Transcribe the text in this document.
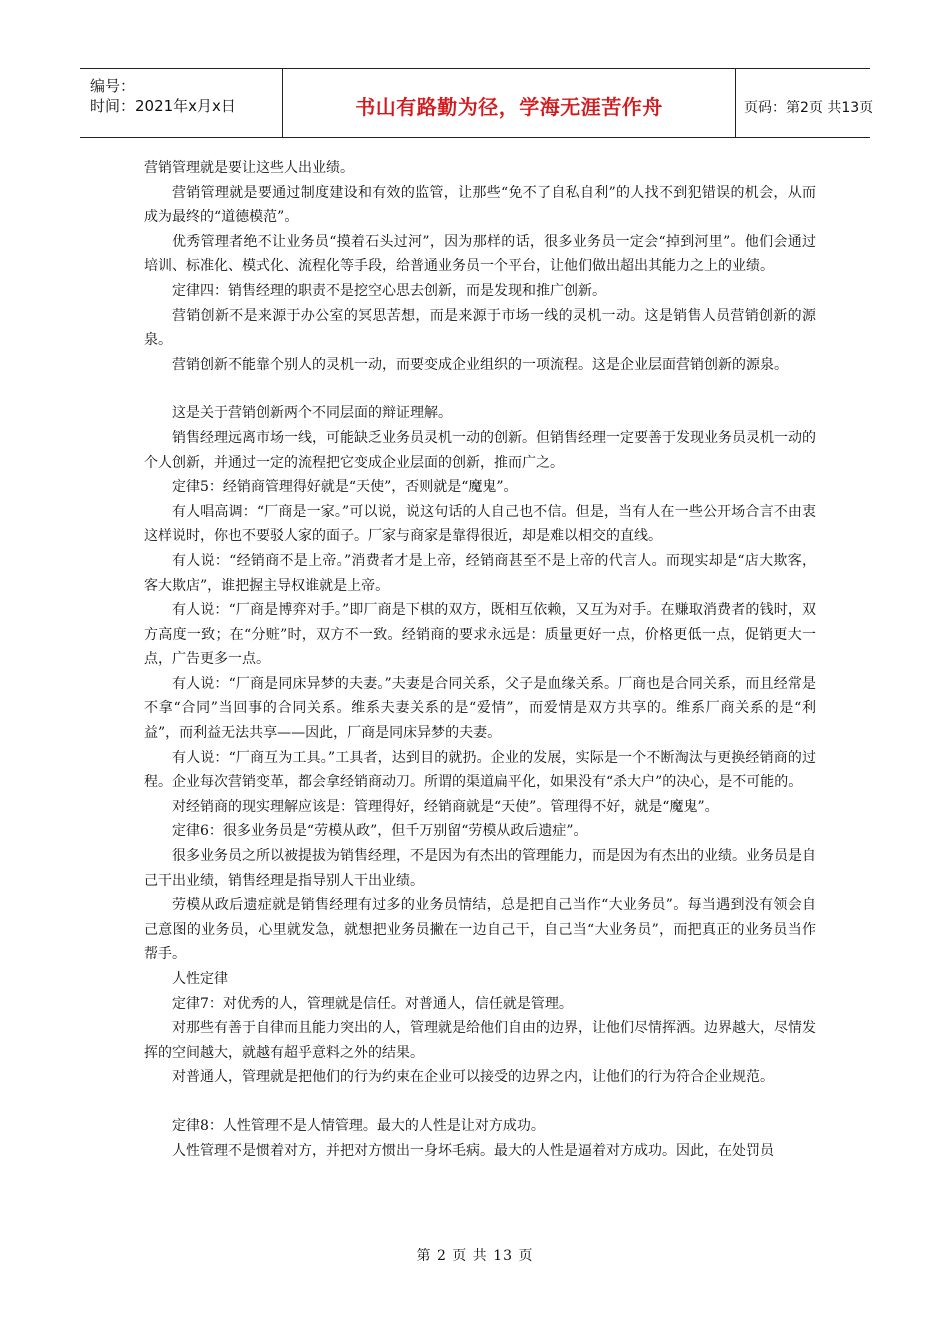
编号：
时间：2021年x月x日	书山有路勤为径，学海无涯苦作舟	页码：第2页 共13页

营销管理就是要让这些人出业绩。

营销管理就是要通过制度建设和有效的监管，让那些“免不了自私自利”的人找不到犯错误的机会，从而成为最终的“道德模范”。

优秀管理者绝不让业务员“摸着石头过河”，因为那样的话，很多业务员一定会“掉到河里”。他们会通过培训、标准化、模式化、流程化等手段，给普通业务员一个平台，让他们做出超出其能力之上的业绩。

定律四：销售经理的职责不是挖空心思去创新，而是发现和推广创新。

营销创新不是来源于办公室的冥思苦想，而是来源于市场一线的灵机一动。这是销售人员营销创新的源泉。

营销创新不能靠个别人的灵机一动，而要变成企业组织的一项流程。这是企业层面营销创新的源泉。

这是关于营销创新两个不同层面的辩证理解。

销售经理远离市场一线，可能缺乏业务员灵机一动的创新。但销售经理一定要善于发现业务员灵机一动的个人创新，并通过一定的流程把它变成企业层面的创新，推而广之。

定律5：经销商管理得好就是“天使”，否则就是“魔鬼”。

有人唱高调：“厂商是一家。”可以说，说这句话的人自己也不信。但是，当有人在一些公开场合言不由衷这样说时，你也不要驳人家的面子。厂家与商家是靠得很近，却是难以相交的直线。

有人说：“经销商不是上帝。”消费者才是上帝，经销商甚至不是上帝的代言人。而现实却是“店大欺客，客大欺店”，谁把握主导权谁就是上帝。

有人说：“厂商是博弈对手。”即厂商是下棋的双方，既相互依赖，又互为对手。在赚取消费者的钱时，双方高度一致；在“分赃”时，双方不一致。经销商的要求永远是：质量更好一点，价格更低一点，促销更大一点，广告更多一点。

有人说：“厂商是同床异梦的夫妻。”夫妻是合同关系，父子是血缘关系。厂商也是合同关系，而且经常是不拿“合同”当回事的合同关系。维系夫妻关系的是“爱情”，而爱情是双方共享的。维系厂商关系的是“利益”，而利益无法共享——因此，厂商是同床异梦的夫妻。

有人说：“厂商互为工具。”工具者，达到目的就扔。企业的发展，实际是一个不断淘汰与更换经销商的过程。企业每次营销变革，都会拿经销商动刀。所谓的渠道扁平化，如果没有“杀大户”的决心，是不可能的。

对经销商的现实理解应该是：管理得好，经销商就是“天使”。管理得不好，就是“魔鬼”。

定律6：很多业务员是“劳模从政”，但千万别留“劳模从政后遗症”。

很多业务员之所以被提拔为销售经理，不是因为有杰出的管理能力，而是因为有杰出的业绩。业务员是自己干出业绩，销售经理是指导别人干出业绩。

劳模从政后遗症就是销售经理有过多的业务员情结，总是把自己当作“大业务员”。每当遇到没有领会自己意图的业务员，心里就发急，就想把业务员撇在一边自己干，自己当“大业务员”，而把真正的业务员当作帮手。

人性定律

定律7：对优秀的人，管理就是信任。对普通人，信任就是管理。

对那些有善于自律而且能力突出的人，管理就是给他们自由的边界，让他们尽情挥洒。边界越大，尽情发挥的空间越大，就越有超乎意料之外的结果。

对普通人，管理就是把他们的行为约束在企业可以接受的边界之内，让他们的行为符合企业规范。

定律8：人性管理不是人情管理。最大的人性是让对方成功。

人性管理不是惯着对方，并把对方惯出一身坏毛病。最大的人性是逼着对方成功。因此，在处罚员

第 2 页 共 13 页
